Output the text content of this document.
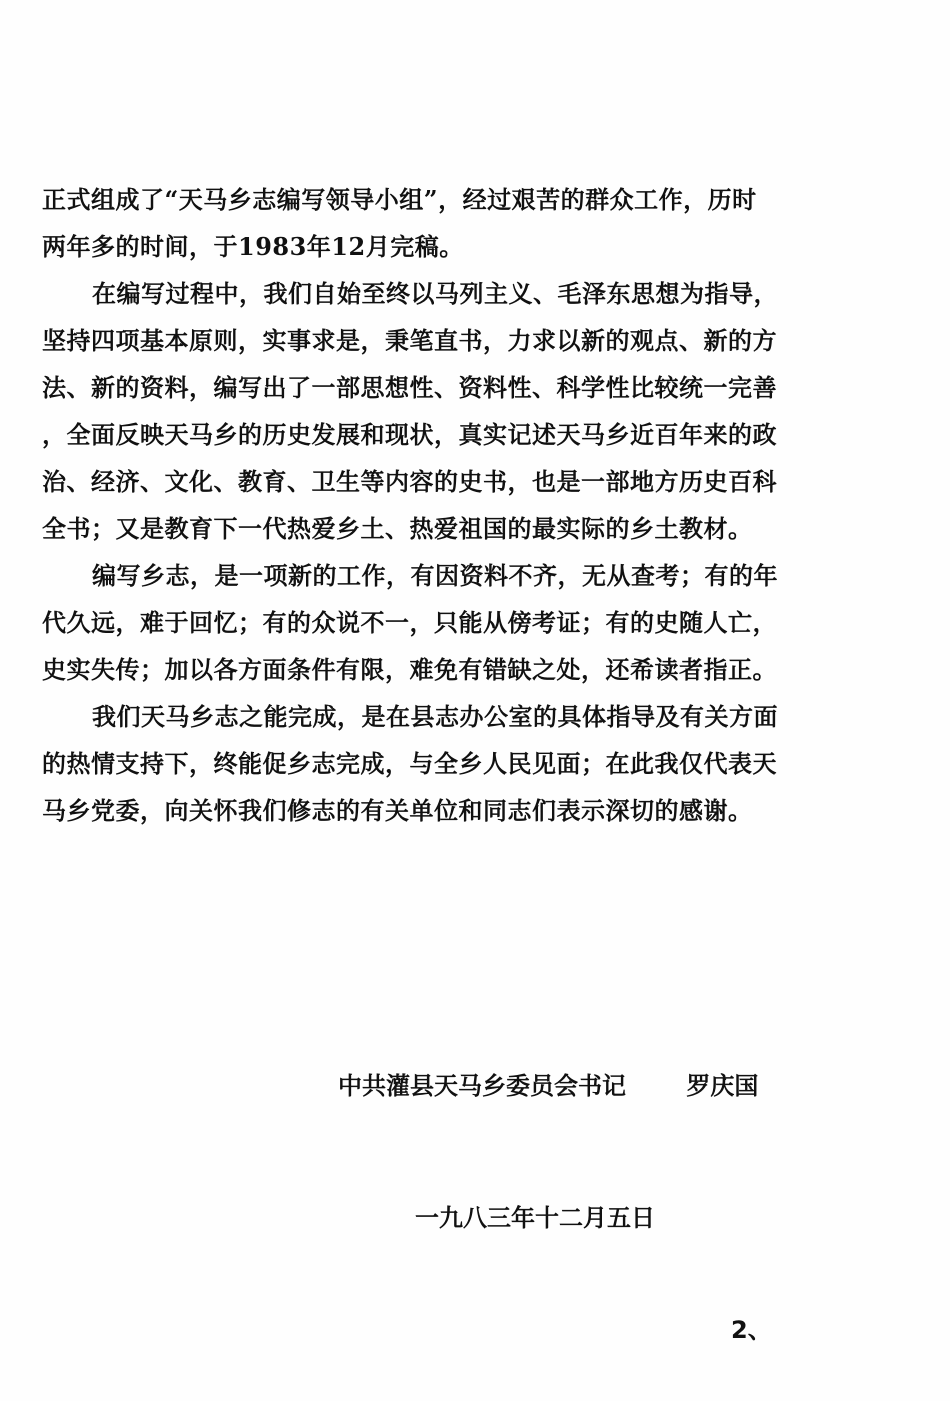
正式组成了“天马乡志编写领导小组”，经过艰苦的群众工作，历时
两年多的时间，于1983年12月完稿。
在编写过程中，我们自始至终以马列主义、毛泽东思想为指导，
坚持四项基本原则，实事求是，秉笔直书，力求以新的观点、新的方
法、新的资料，编写出了一部思想性、资料性、科学性比较统一完善
，全面反映天马乡的历史发展和现状，真实记述天马乡近百年来的政
治、经济、文化、教育、卫生等内容的史书，也是一部地方历史百科
全书；又是教育下一代热爱乡土、热爱祖国的最实际的乡土教材。
编写乡志，是一项新的工作，有因资料不齐，无从查考；有的年
代久远，难于回忆；有的众说不一，只能从傍考证；有的史随人亡，
史实失传；加以各方面条件有限，难免有错缺之处，还希读者指正。
我们天马乡志之能完成，是在县志办公室的具体指导及有关方面
的热情支持下，终能促乡志完成，与全乡人民见面；在此我仅代表天
马乡党委，向关怀我们修志的有关单位和同志们表示深切的感谢。
中共灌县天马乡委员会书记	罗庆国
一九八三年十二月五日
2、
